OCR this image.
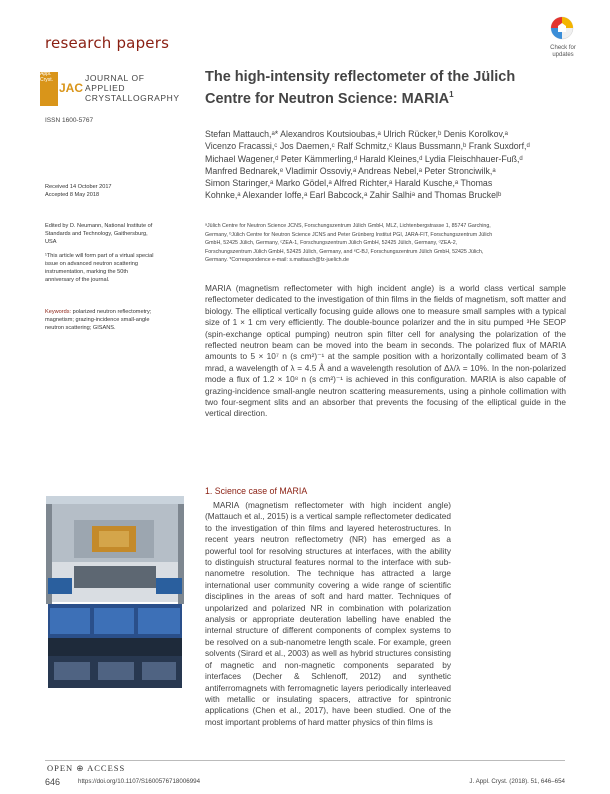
research papers	Check for updates
Appl. Cryst.
JAC
JOURNAL OF
APPLIED
CRYSTALLOGRAPHY
ISSN 1600-5767
The high-intensity reflectometer of the Jülich
Centre for Neutron Science: MARIA$^1$
Stefan Mattauch,ᵃ* Alexandros Koutsioubas,ᵃ Ulrich Rücker,ᵇ Denis Korolkov,ᵃ
Vicenzo Fracassi,ᶜ Jos Daemen,ᶜ Ralf Schmitz,ᶜ Klaus Bussmann,ᵇ Frank Suxdorf,ᵈ
Michael Wagener,ᵈ Peter Kämmerling,ᵈ Harald Kleines,ᵈ Lydia Fleischhauer-Fuß,ᵈ
Manfred Bednarek,ᵉ Vladimir Ossoviy,ᵃ Andreas Nebel,ᵃ Peter Stronciwilk,ᵃ
Simon Staringer,ᵃ Marko Gödel,ᵃ Alfred Richter,ᵃ Harald Kusche,ᵃ Thomas
Kohnke,ᵃ Alexander Ioffe,ᵃ Earl Babcock,ᵃ Zahir Salhiᵃ and Thomas Bruckelᵇ
ᵃJülich Centre for Neutron Science JCNS, Forschungszentrum Jülich GmbH, MLZ, Lichtenbergstrasse 1, 85747 Garching,
Germany, ᵇJülich Centre for Neutron Science JCNS and Peter Grünberg Institut PGI, JARA-FIT, Forschungszentrum Jülich
GmbH, 52425 Jülich, Germany, ᶜZEA-1, Forschungszentrum Jülich GmbH, 52425 Jülich, Germany, ᵈZEA-2,
Forschungszentrum Jülich GmbH, 52425 Jülich, Germany, and ᵉC-BJ, Forschungszentrum Jülich GmbH, 52425 Jülich,
Germany. *Correspondence e-mail: s.mattauch@fz-juelich.de
Received 14 October 2017
Accepted 8 May 2018
Edited by D. Neumann, National Institute of Standards and Technology, Gaithersburg, USA
¹This article will form part of a virtual special issue on advanced neutron scattering instrumentation, marking the 50th anniversary of the journal.
Keywords: polarized neutron reflectometry; magnetism; grazing-incidence small-angle neutron scattering; GISANS.
MARIA (magnetism reflectometer with high incident angle) is a world class vertical sample reflectometer dedicated to the investigation of thin films in the fields of magnetism, soft matter and biology. The elliptical vertically focusing guide allows one to measure small samples with a typical size of 1 × 1 cm very efficiently. The double-bounce polarizer and the in situ pumped ³He SEOP (spin-exchange optical pumping) neutron spin filter cell for analysing the polarization of the reflected neutron beam can be moved into the beam in seconds. The polarized flux of MARIA amounts to 5 × 10⁷ n (s cm²)⁻¹ at the sample position with a horizontally collimated beam of 3 mrad, a wavelength of λ = 4.5 Å and a wavelength resolution of Δλ/λ = 10%. In the non-polarized mode a flux of 1.2 × 10⁸ n (s cm²)⁻¹ is achieved in this configuration. MARIA is also capable of grazing-incidence small-angle neutron scattering measurements, using a pinhole collimation with two four-segment slits and an absorber that prevents the focusing of the elliptical guide in the vertical direction.
1. Science case of MARIA

MARIA (magnetism reflectometer with high incident angle) (Mattauch et al., 2015) is a vertical sample reflectometer dedicated to the investigation of thin films and layered heterostructures. In recent years neutron reflectometry (NR) has emerged as a powerful tool for resolving structures at interfaces, with the ability to distinguish structural features normal to the interface with sub-nanometre resolution. The technique has attracted a large international user community covering a wide range of scientific disciplines in the areas of soft and hard matter. Techniques of unpolarized and polarized NR in combination with polarization analysis or appropriate deuteration labelling have enabled the internal structure of different components of complex systems to be resolved on a sub-nanometre length scale. For example, green solvents (Sirard et al., 2003) as well as hybrid structures consisting of magnetic and non-magnetic components separated by interfaces (Decher & Schlenoff, 2012) and synthetic antiferromagnets with ferromagnetic layers periodically interleaved with metallic or insulating spacers, attractive for spintronic applications (Chen et al., 2017), have been studied. One of the most important problems of hard matter physics of thin films is

OPEN ⊕ ACCESS
646	https://doi.org/10.1107/S1600576718006994	J. Appl. Cryst. (2018). 51, 646–654
